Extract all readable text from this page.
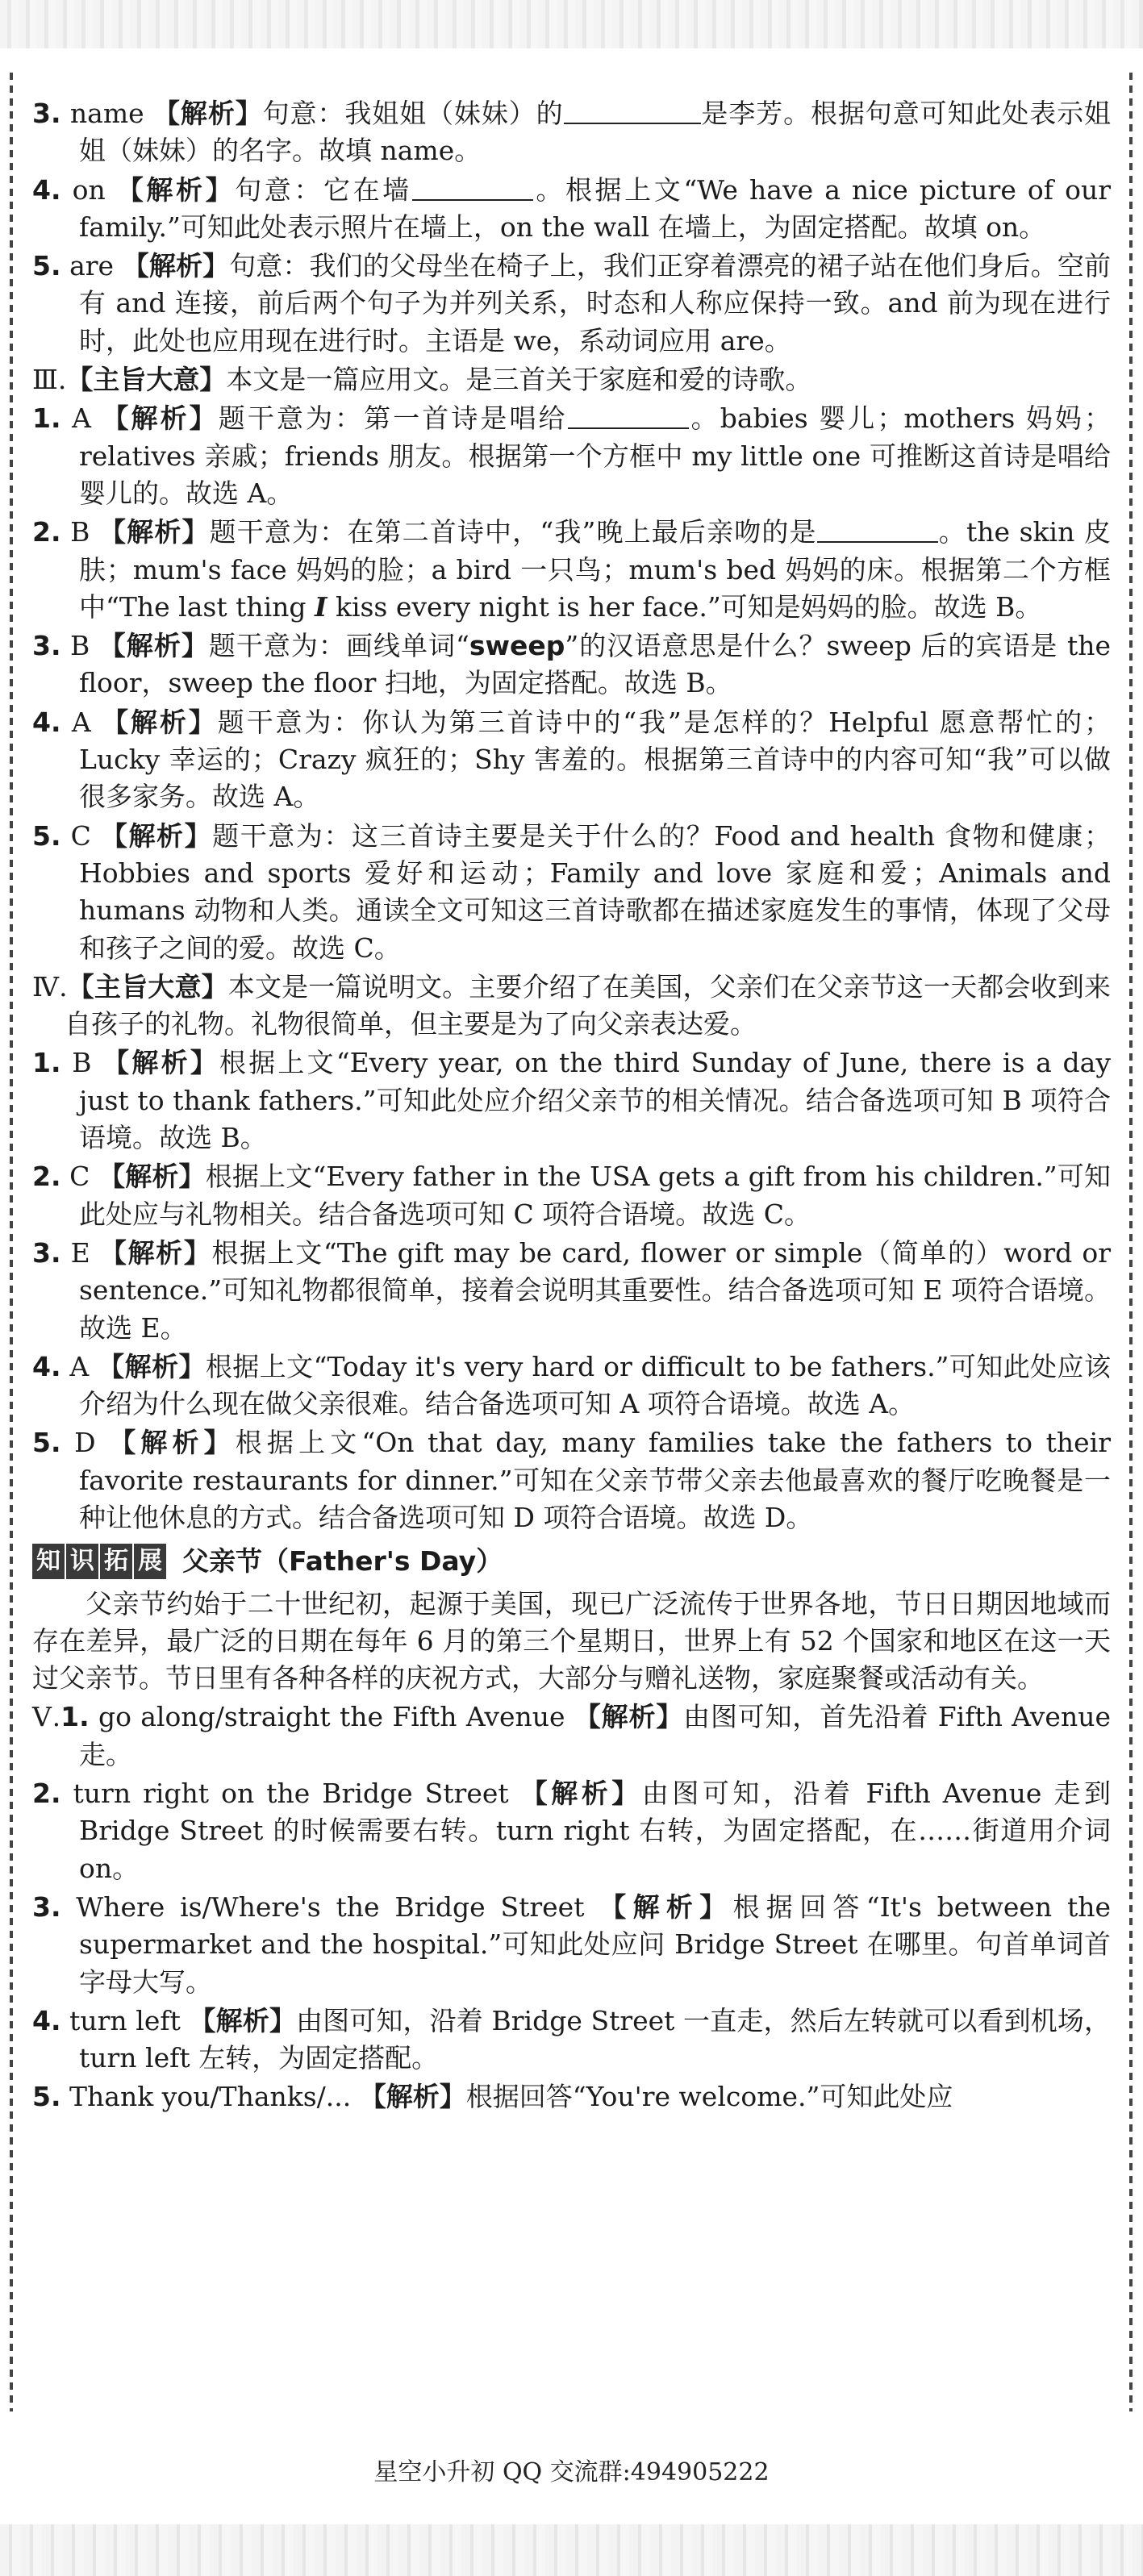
3. name 【解析】句意：我姐姐（妹妹）的	是李芳。根据句意可知此处表示姐姐（妹妹）的名字。故填 name。

4. on 【解析】句意：它在墙	。根据上文“We have a nice picture of our family.”可知此处表示照片在墙上，on the wall 在墙上，为固定搭配。故填 on。

5. are 【解析】句意：我们的父母坐在椅子上，我们正穿着漂亮的裙子站在他们身后。空前有 and 连接，前后两个句子为并列关系，时态和人称应保持一致。and 前为现在进行时，此处也应用现在进行时。主语是 we，系动词应用 are。

Ⅲ.【主旨大意】本文是一篇应用文。是三首关于家庭和爱的诗歌。

1. A 【解析】题干意为：第一首诗是唱给	。babies 婴儿；mothers 妈妈；relatives 亲戚；friends 朋友。根据第一个方框中 my little one 可推断这首诗是唱给婴儿的。故选 A。

2. B 【解析】题干意为：在第二首诗中，“我”晚上最后亲吻的是	。the skin 皮肤；mum's face 妈妈的脸；a bird 一只鸟；mum's bed 妈妈的床。根据第二个方框中“The last thing I kiss every night is her face.”可知是妈妈的脸。故选 B。

3. B 【解析】题干意为：画线单词“sweep”的汉语意思是什么？sweep 后的宾语是 the floor，sweep the floor 扫地，为固定搭配。故选 B。

4. A 【解析】题干意为：你认为第三首诗中的“我”是怎样的？Helpful 愿意帮忙的；Lucky 幸运的；Crazy 疯狂的；Shy 害羞的。根据第三首诗中的内容可知“我”可以做很多家务。故选 A。

5. C 【解析】题干意为：这三首诗主要是关于什么的？Food and health 食物和健康；Hobbies and sports 爱好和运动；Family and love 家庭和爱；Animals and humans 动物和人类。通读全文可知这三首诗歌都在描述家庭发生的事情，体现了父母和孩子之间的爱。故选 C。

Ⅳ.【主旨大意】本文是一篇说明文。主要介绍了在美国，父亲们在父亲节这一天都会收到来自孩子的礼物。礼物很简单，但主要是为了向父亲表达爱。

1. B 【解析】根据上文“Every year, on the third Sunday of June, there is a day just to thank fathers.”可知此处应介绍父亲节的相关情况。结合备选项可知 B 项符合语境。故选 B。

2. C 【解析】根据上文“Every father in the USA gets a gift from his children.”可知此处应与礼物相关。结合备选项可知 C 项符合语境。故选 C。

3. E 【解析】根据上文“The gift may be card, flower or simple（简单的）word or sentence.”可知礼物都很简单，接着会说明其重要性。结合备选项可知 E 项符合语境。故选 E。

4. A 【解析】根据上文“Today it's very hard or difficult to be fathers.”可知此处应该介绍为什么现在做父亲很难。结合备选项可知 A 项符合语境。故选 A。

5. D 【解析】根据上文“On that day, many families take the fathers to their favorite restaurants for dinner.”可知在父亲节带父亲去他最喜欢的餐厅吃晚餐是一种让他休息的方式。结合备选项可知 D 项符合语境。故选 D。

知 识 拓 展 父亲节（Father's Day）

父亲节约始于二十世纪初，起源于美国，现已广泛流传于世界各地，节日日期因地域而存在差异，最广泛的日期在每年 6 月的第三个星期日，世界上有 52 个国家和地区在这一天过父亲节。节日里有各种各样的庆祝方式，大部分与赠礼送物，家庭聚餐或活动有关。

Ⅴ.1. go along/straight the Fifth Avenue 【解析】由图可知，首先沿着 Fifth Avenue 走。

2. turn right on the Bridge Street 【解析】由图可知，沿着 Fifth Avenue 走到 Bridge Street 的时候需要右转。turn right 右转，为固定搭配，在……街道用介词 on。

3. Where is/Where's the Bridge Street 【解析】根据回答“It's between the supermarket and the hospital.”可知此处应问 Bridge Street 在哪里。句首单词首字母大写。

4. turn left 【解析】由图可知，沿着 Bridge Street 一直走，然后左转就可以看到机场，turn left 左转，为固定搭配。

5. Thank you/Thanks/... 【解析】根据回答“You're welcome.”可知此处应

星空小升初 QQ 交流群:494905222
